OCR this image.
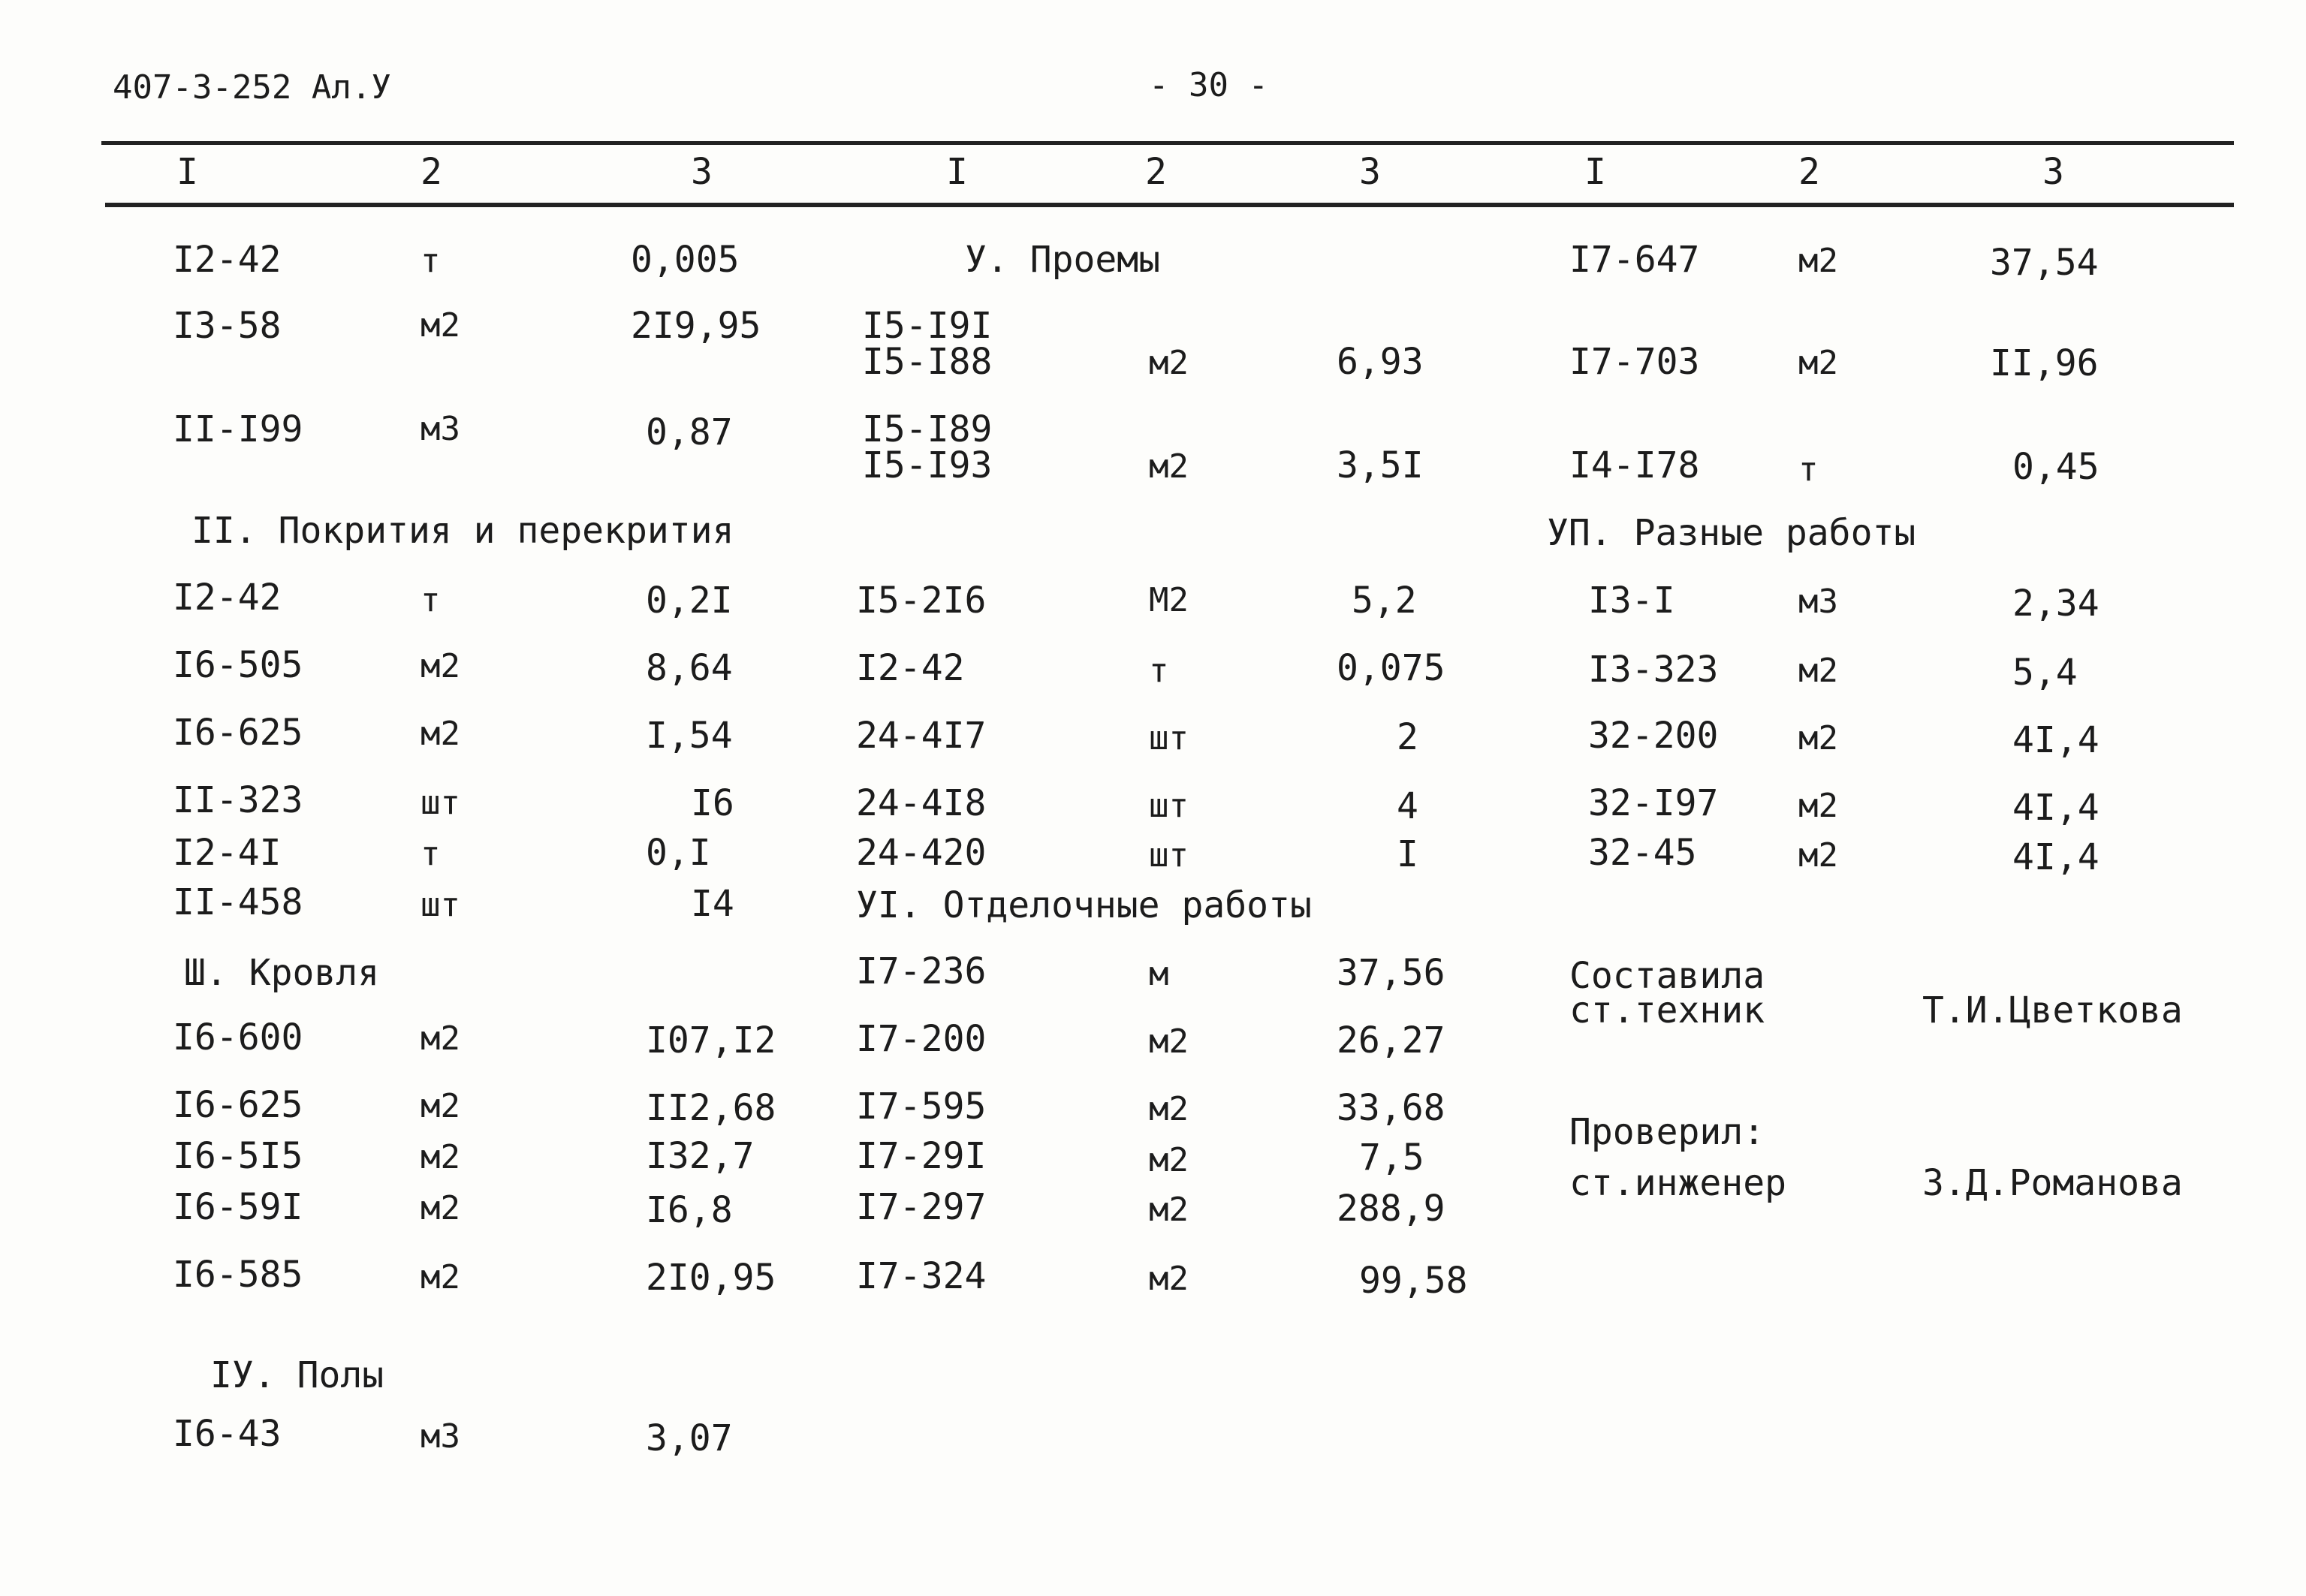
407-3-252 Ал.У	- 30 -
I	2	3	I	2	3	I	2	3
I2-42	т	0,005
I3-58	м2	2I9,95
II-I99	м3	0,87
II. Покрития и перекрития
I2-42	т	0,2I
I6-505	м2	8,64
I6-625	м2	I,54
II-323	шт	I6
I2-4I	т	0,I
II-458	шт	I4
Ш. Кровля
I6-600	м2	I07,I2
I6-625	м2	II2,68
I6-5I5	м2	I32,7
I6-59I	м2	I6,8
I6-585	м2	2I0,95
IУ. Полы
I6-43	м3	3,07
У. Проемы
I5-I9I
I5-I88	м2	6,93
I5-I89
I5-I93	м2	3,5I
I5-2I6	М2	5,2
I2-42	т	0,075
24-4I7	шт	2
24-4I8	шт	4
24-420	шт	I
УI. Отделочные работы
I7-236	м	37,56
I7-200	м2	26,27
I7-595	м2	33,68
I7-29I	м2	7,5
I7-297	м2	288,9
I7-324	м2	99,58
I7-647	м2	37,54
I7-703	м2	II,96
I4-I78	т	0,45
УП. Разные работы
I3-I	м3	2,34
I3-323 м2	5,4
32-200 м2	4I,4
32-I97 м2	4I,4
32-45	м2	4I,4
Составила
ст.техник	Т.И.Цветкова
Проверил:
ст.инженер	З.Д.Романова
